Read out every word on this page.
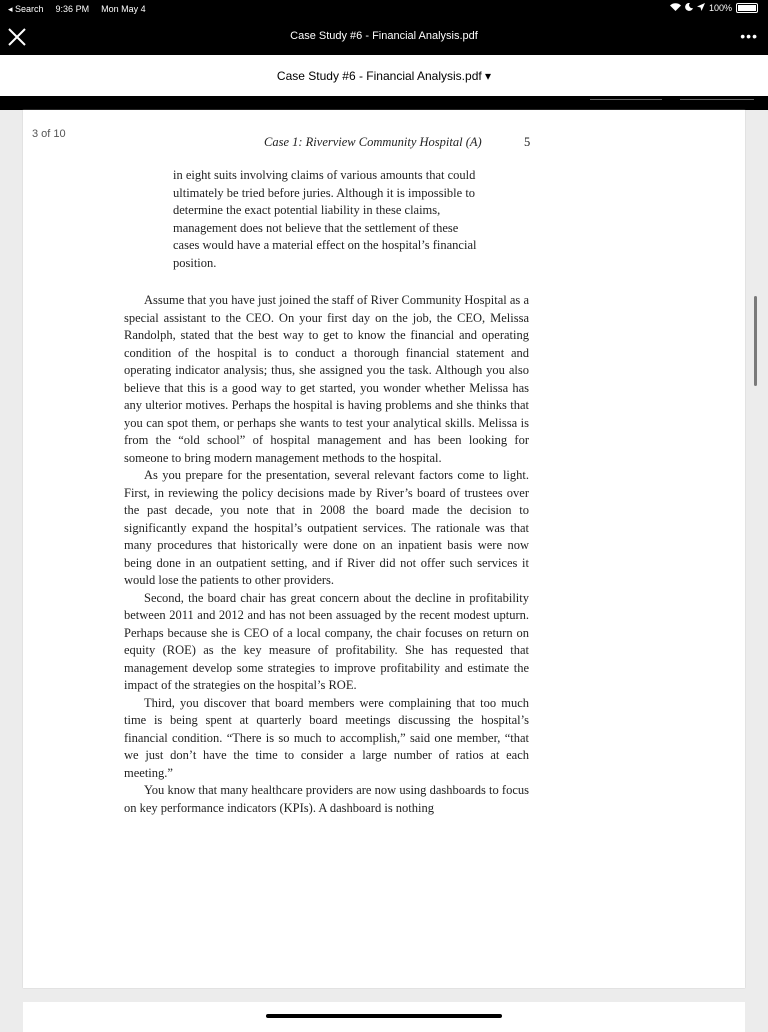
◂ Search 9:36 PM Mon May 4	100%
Case Study #6 - Financial Analysis.pdf	•••
Case Study #6 - Financial Analysis.pdf ▾
3 of 10
Case 1: Riverview Community Hospital (A)	5
in eight suits involving claims of various amounts that could ultimately be tried before juries. Although it is impossible to determine the exact potential liability in these claims, management does not believe that the settlement of these cases would have a material effect on the hospital’s financial position.

Assume that you have just joined the staff of River Community Hospital as a special assistant to the CEO. On your first day on the job, the CEO, Melissa Randolph, stated that the best way to get to know the financial and operating condition of the hospital is to conduct a thorough financial statement and operating indicator analysis; thus, she assigned you the task. Although you also believe that this is a good way to get started, you wonder whether Melissa has any ulterior motives. Perhaps the hospital is having problems and she thinks that you can spot them, or perhaps she wants to test your analytical skills. Melissa is from the “old school” of hospital management and has been looking for someone to bring modern management methods to the hospital.

As you prepare for the presentation, several relevant factors come to light. First, in reviewing the policy decisions made by River’s board of trustees over the past decade, you note that in 2008 the board made the decision to significantly expand the hospital’s outpatient services. The rationale was that many procedures that historically were done on an inpatient basis were now being done in an outpatient setting, and if River did not offer such services it would lose the patients to other providers.

Second, the board chair has great concern about the decline in profitability between 2011 and 2012 and has not been assuaged by the recent modest upturn. Perhaps because she is CEO of a local company, the chair focuses on return on equity (ROE) as the key measure of profitability. She has requested that management develop some strategies to improve profitability and estimate the impact of the strategies on the hospital’s ROE.

Third, you discover that board members were complaining that too much time is being spent at quarterly board meetings discussing the hospital’s financial condition. “There is so much to accomplish,” said one member, “that we just don’t have the time to consider a large number of ratios at each meeting.”

You know that many healthcare providers are now using dashboards to focus on key performance indicators (KPIs). A dashboard is nothing
